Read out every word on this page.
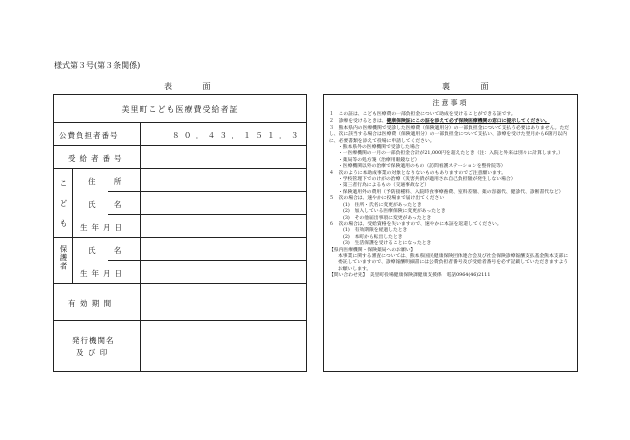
様式第３号(第３条関係)
表 面	裏 面
美里町こども医療費受給者証
公費負担者番号	８ ０ ． ４ ３ ． １ ５ １ ． ３
受給者番号
こども	住 所
氏 名
生年月日
保護者	氏 名
生年月日
有 効 期 間
発行機関名
及 び 印
注意事項

１　この証は、こども医療費の一部負担金について助成を受けることができる証です。

２　診療を受けるときは、健康保険証にこの証を添えて必ず保険医療機関の窓口に提示してください。

３　熊本県内の医療機関で受診した医療費（保険適用分）の一部負担金について支払う必要はありません。ただし、次に該当する場合は医療費（保険適用分）の一部負担金について支払い、診療を受けた翌月から6箇月以内に、必要書類を添えて役場に申請してください。

・熊本県外の医療機関で受診した場合

・一医療機関の一月の一部負担金合計が21,000円を超えたとき（注：入院と外来は別々に計算します。）

・薬局等の処方箋（治療用眼鏡など）

・医療機関以外の治療で保険適用のもの（訪問看護ステーションを整骨院等）

４　次のように本助成事業の対象となりないものもありますのでご注意願います。

・学校管理下でのけがの治療（災害共済が適用され自己負担額が発生しない場合）

・第三者行為によるもの（交通事故など）

・保険適用外の費用（予防接種料、入院時食事療養費、室料差額、薬の容器代、健診代、診断書代など）

５　次の場合は、速やかに役場まで届け出てください

(1)　住所・氏名に変更があったとき

(2)　加入している医療保険に変更があったとき

(3)　その他届出事項に変更があったとき

６　次の場合は、受給資格を失いますので、速やかに本証を返還してください。

(1)　有効期限を経過したとき

(2)　本町から転出したとき

(3)　生活保護を受けることになったとき

【県内医療機関・保険薬局へのお願い】

本事業に関する審査については、熊本県国民健康保険団体連合会及び社会保険診療報酬支払基金熊本支部に委託していますので、診療報酬明細書には公費負担者番号及び受給者番号を必ず記載していただきますようお願いします。

【問い合わせ先】　美里町役場健康保険課健康支援係　電話0964(46)2111
